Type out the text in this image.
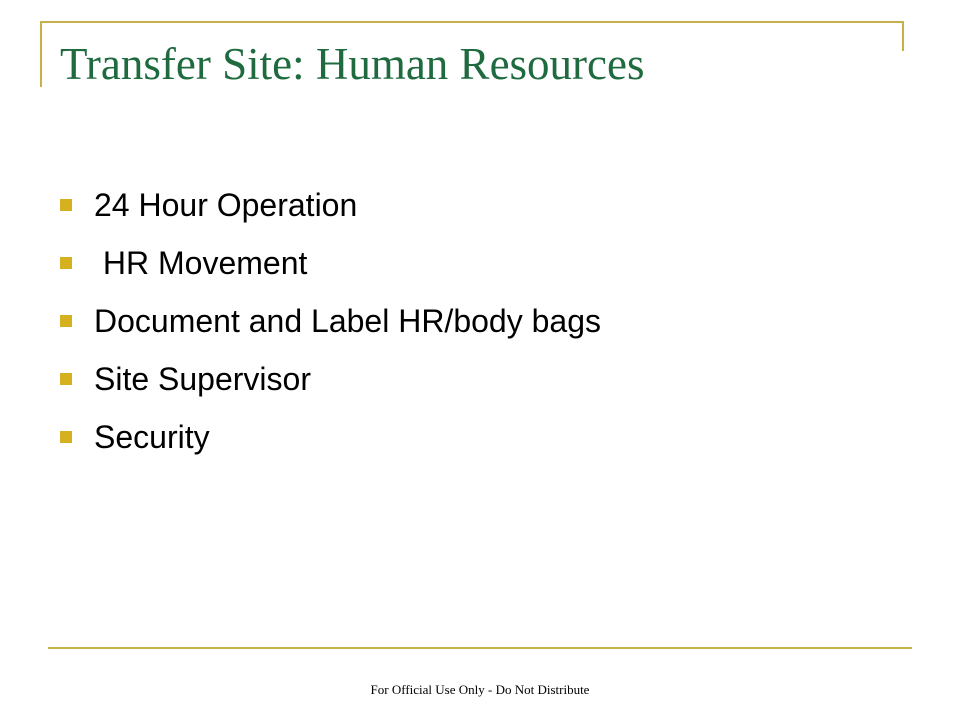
Transfer Site: Human Resources
24 Hour Operation
HR Movement
Document and Label HR/body bags
Site Supervisor
Security
For Official Use Only - Do Not Distribute
